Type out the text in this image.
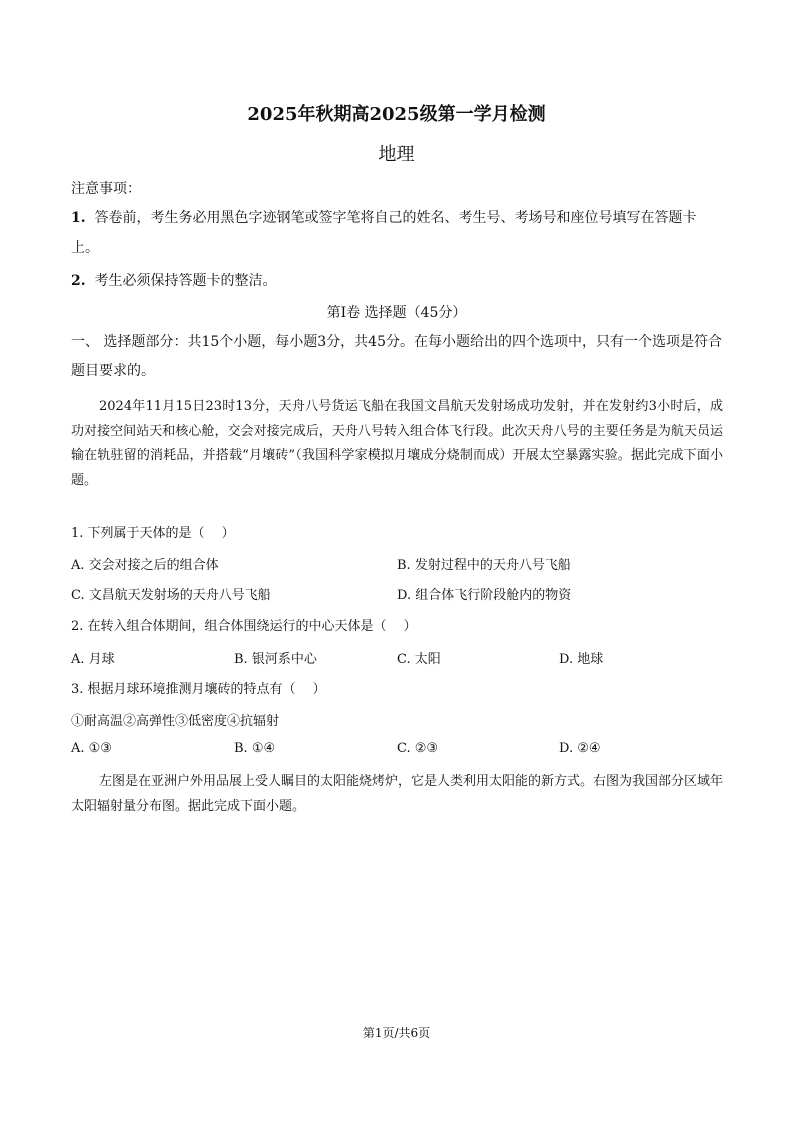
2025年秋期高2025级第一学月检测
地理
注意事项：
1. 答卷前，考生务必用黑色字迹钢笔或签字笔将自己的姓名、考生号、考场号和座位号填写在答题卡上。
2. 考生必须保持答题卡的整洁。
第Ⅰ卷 选择题（45分）
一、 选择题部分：共15个小题，每小题3分，共45分。在每小题给出的四个选项中，只有一个选项是符合题目要求的。
2024年11月15日23时13分，天舟八号货运飞船在我国文昌航天发射场成功发射，并在发射约3小时后，成功对接空间站天和核心舱，交会对接完成后，天舟八号转入组合体飞行段。此次天舟八号的主要任务是为航天员运输在轨驻留的消耗品，并搭载“月壤砖”（我国科学家模拟月壤成分烧制而成）开展太空暴露实验。据此完成下面小题。
1. 下列属于天体的是（　 ）
A. 交会对接之后的组合体	B. 发射过程中的天舟八号飞船
C. 文昌航天发射场的天舟八号飞船	D. 组合体飞行阶段舱内的物资
2. 在转入组合体期间，组合体围绕运行的中心天体是（　 ）
A. 月球	B. 银河系中心	C. 太阳	D. 地球
3. 根据月球环境推测月壤砖的特点有（　 ）
①耐高温②高弹性③低密度④抗辐射
A. ①③	B. ①④	C. ②③	D. ②④
左图是在亚洲户外用品展上受人瞩目的太阳能烧烤炉，它是人类利用太阳能的新方式。右图为我国部分区域年太阳辐射量分布图。据此完成下面小题。
第1页/共6页
